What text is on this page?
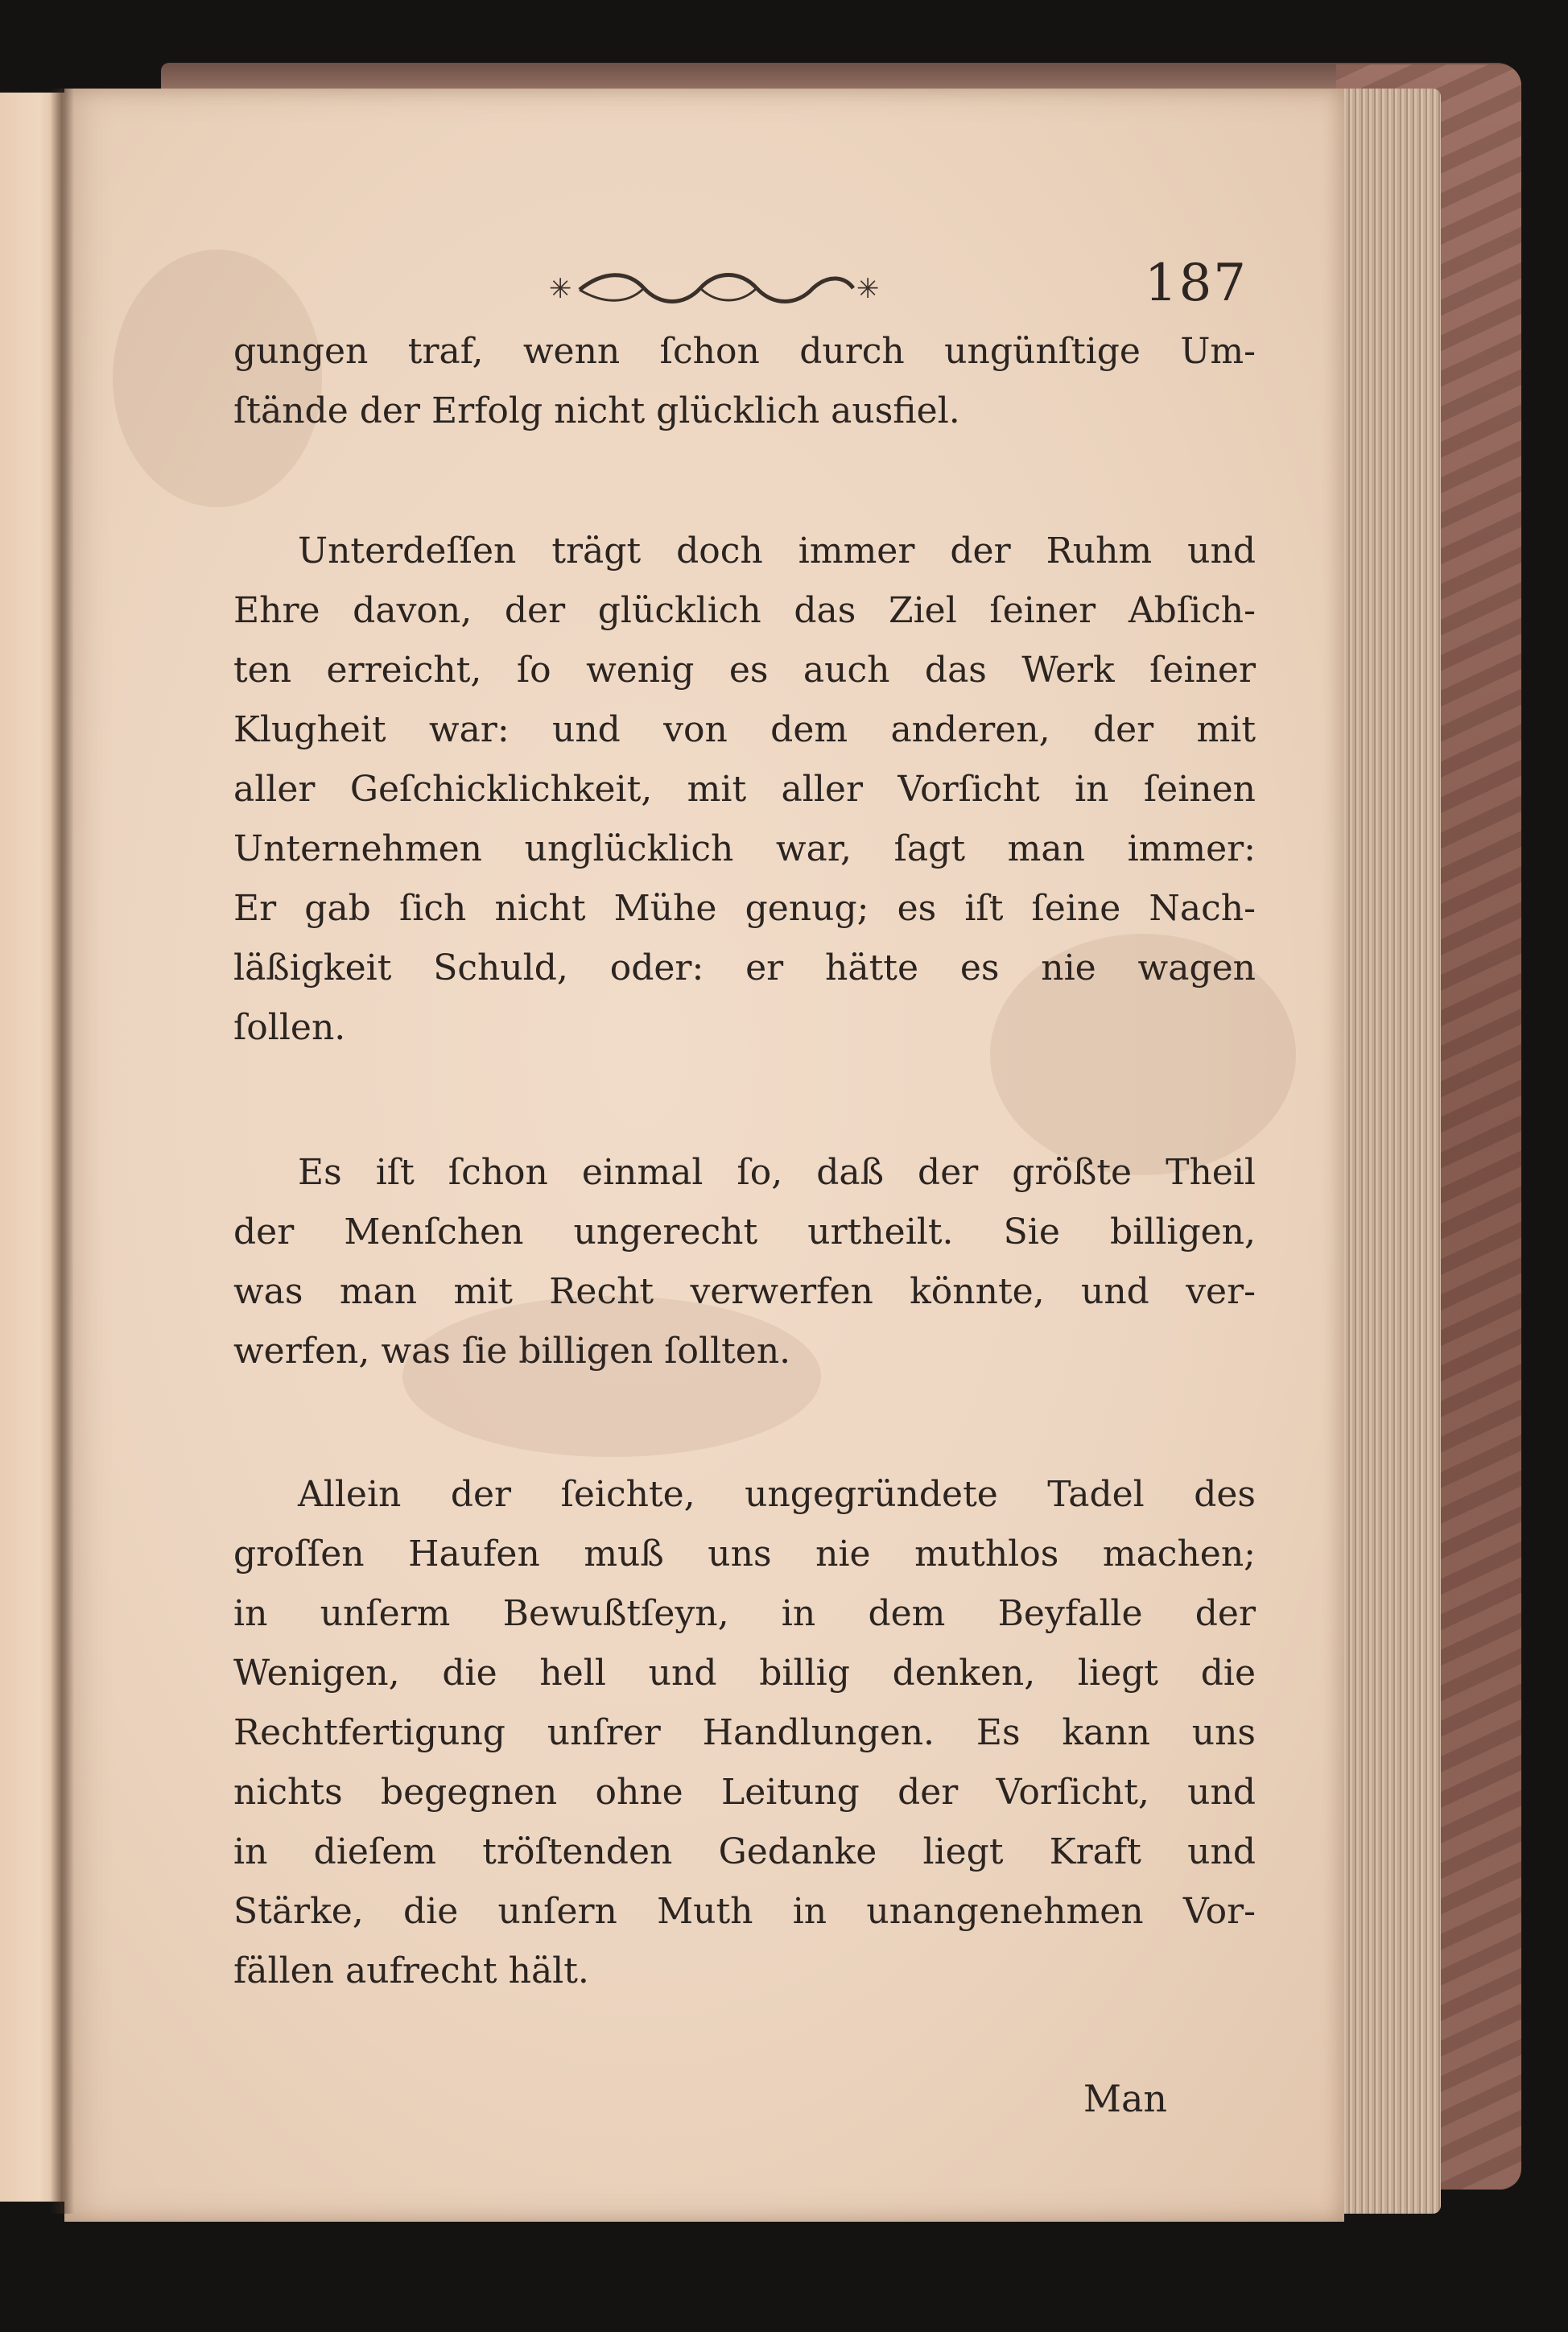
✳	✳	187

gungen traf, wenn ſchon durch ungünſtige Um-
ſtände der Erfolg nicht glücklich ausfiel.

Unterdeſſen trägt doch immer der Ruhm und
Ehre davon, der glücklich das Ziel ſeiner Abſich-
ten erreicht, ſo wenig es auch das Werk ſeiner
Klugheit war: und von dem anderen, der mit
aller Geſchicklichkeit, mit aller Vorſicht in ſeinen
Unternehmen unglücklich war, ſagt man immer:
Er gab ſich nicht Mühe genug; es iſt ſeine Nach-
läßigkeit Schuld, oder: er hätte es nie wagen
ſollen.

Es iſt ſchon einmal ſo, daß der größte Theil
der Menſchen ungerecht urtheilt. Sie billigen,
was man mit Recht verwerfen könnte, und ver-
werfen, was ſie billigen ſollten.

Allein der ſeichte, ungegründete Tadel des
groſſen Haufen muß uns nie muthlos machen;
in unſerm Bewußtſeyn, in dem Beyfalle der
Wenigen, die hell und billig denken, liegt die
Rechtfertigung unſrer Handlungen. Es kann uns
nichts begegnen ohne Leitung der Vorſicht, und
in dieſem tröſtenden Gedanke liegt Kraft und
Stärke, die unſern Muth in unangenehmen Vor-
fällen aufrecht hält.

Man
